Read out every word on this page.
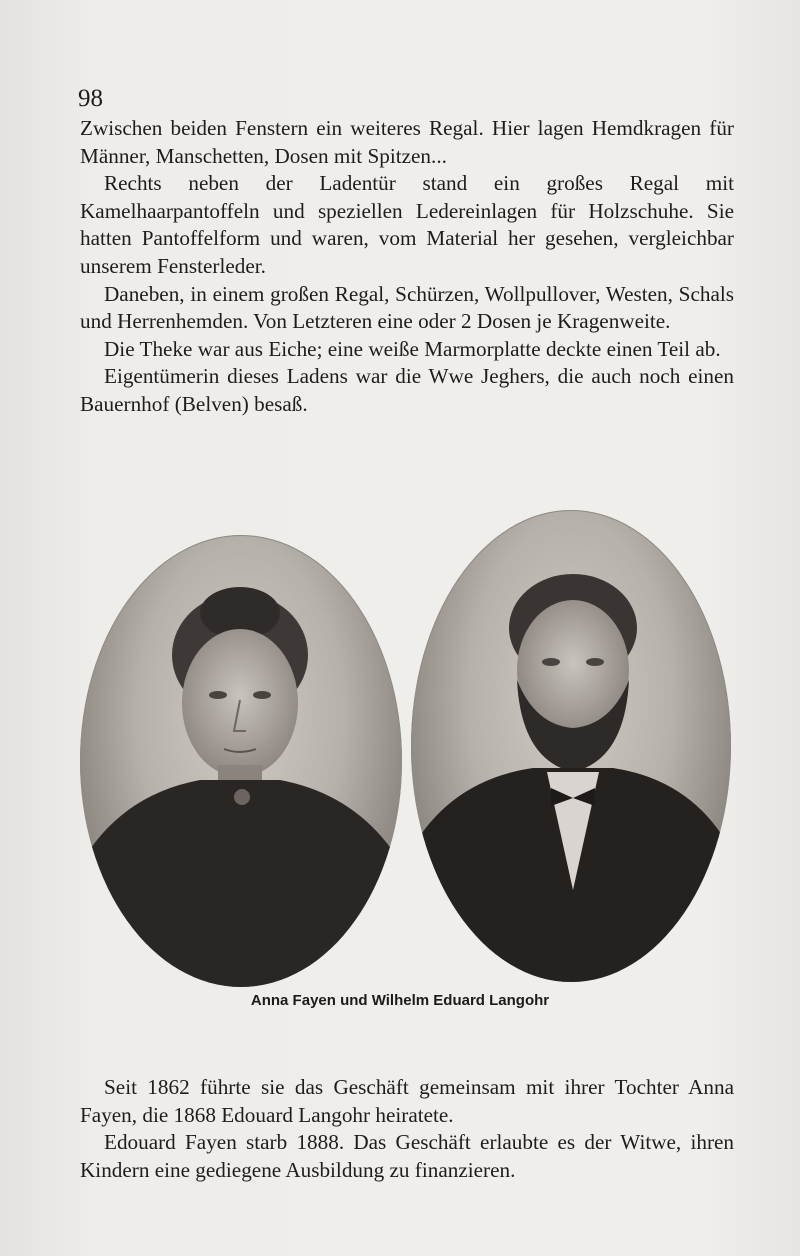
98

Zwischen beiden Fenstern ein weiteres Regal. Hier lagen Hemdkragen für Männer, Manschetten, Dosen mit Spitzen...

Rechts neben der Ladentür stand ein großes Regal mit Kamelhaarpantoffeln und speziellen Ledereinlagen für Holzschuhe. Sie hatten Pantoffelform und waren, vom Material her gesehen, vergleichbar unserem Fensterleder.

Daneben, in einem großen Regal, Schürzen, Wollpullover, Westen, Schals und Herrenhemden. Von Letzteren eine oder 2 Dosen je Kragenweite.

Die Theke war aus Eiche; eine weiße Marmorplatte deckte einen Teil ab.

Eigentümerin dieses Ladens war die Wwe Jeghers, die auch noch einen Bauernhof (Belven) besaß.

Anna Fayen und Wilhelm Eduard Langohr

Seit 1862 führte sie das Geschäft gemeinsam mit ihrer Tochter Anna Fayen, die 1868 Edouard Langohr heiratete.

Edouard Fayen starb 1888. Das Geschäft erlaubte es der Witwe, ihren Kindern eine gediegene Ausbildung zu finanzieren.
